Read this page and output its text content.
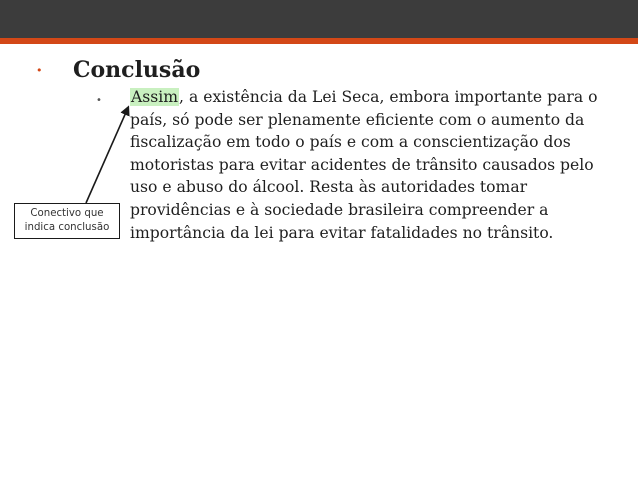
• Conclusão
• Assim, a existência da Lei Seca, embora importante para o país, só pode ser plenamente eficiente com o aumento da fiscalização em todo o país e com a conscientização dos motoristas para evitar acidentes de trânsito causados pelo uso e abuso do álcool. Resta às autoridades tomar providências e à sociedade brasileira compreender a importância da lei para evitar fatalidades no trânsito.

Conectivo que
indica conclusão
